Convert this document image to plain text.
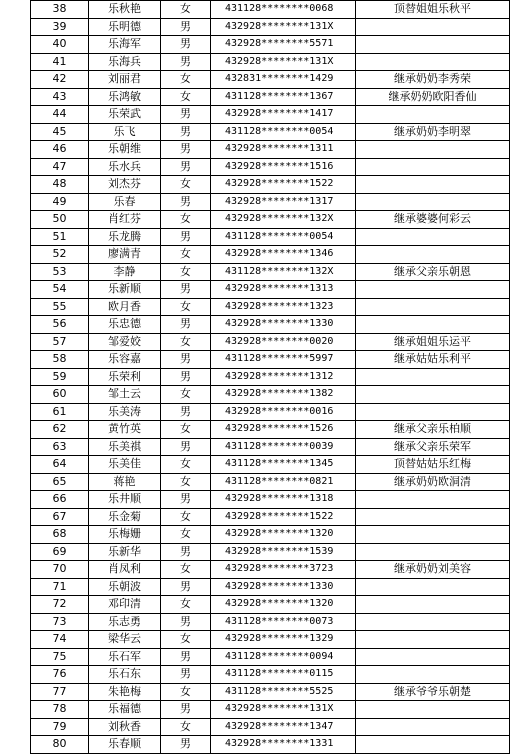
38	乐秋艳	女	431128********0068	顶替姐姐乐秋平
39	乐明德	男	432928********131X	
40	乐海军	男	432928********5571	
41	乐海兵	男	432928********131X	
42	刘丽君	女	432831********1429	继承奶奶李秀荣
43	乐鸿敏	女	431128********1367	继承奶奶欧阳香仙
44	乐荣武	男	432928********1417	
45	乐飞	男	431128********0054	继承奶奶李明翠
46	乐朝维	男	432928********1311	
47	乐水兵	男	432928********1516	
48	刘杰芬	女	432928********1522	
49	乐春	男	432928********1317	
50	肖红芬	女	432928********132X	继承婆婆何彩云
51	乐龙腾	男	431128********0054	
52	廖满青	女	432928********1346	
53	李静	女	431128********132X	继承父亲乐朝恩
54	乐新顺	男	432928********1313	
55	欧月香	女	432928********1323	
56	乐忠德	男	432928********1330	
57	邹爱姣	女	432928********0020	继承姐姐乐运平
58	乐容嘉	男	431128********5997	继承姑姑乐利平
59	乐荣利	男	432928********1312	
60	邹土云	女	432928********1382	
61	乐美涛	男	432928********0016	
62	黄竹英	女	432928********1526	继承父亲乐柏顺
63	乐美祺	男	431128********0039	继承父亲乐荣军
64	乐美佳	女	431128********1345	顶替姑姑乐红梅
65	蒋艳	女	431128********0821	继承奶奶欧洞清
66	乐井顺	男	432928********1318	
67	乐金菊	女	432928********1522	
68	乐梅姗	女	432928********1320	
69	乐新华	男	432928********1539	
70	肖凤利	女	432928********3723	继承奶奶刘美容
71	乐朝波	男	432928********1330	
72	邓印清	女	432928********1320	
73	乐志勇	男	431128********0073	
74	梁华云	女	432928********1329	
75	乐石军	男	431128********0094	
76	乐石东	男	431128********0115	
77	朱艳梅	女	431128********5525	继承爷爷乐朝楚
78	乐福德	男	432928********131X	
79	刘秋香	女	432928********1347	
80	乐春顺	男	432928********1331	
